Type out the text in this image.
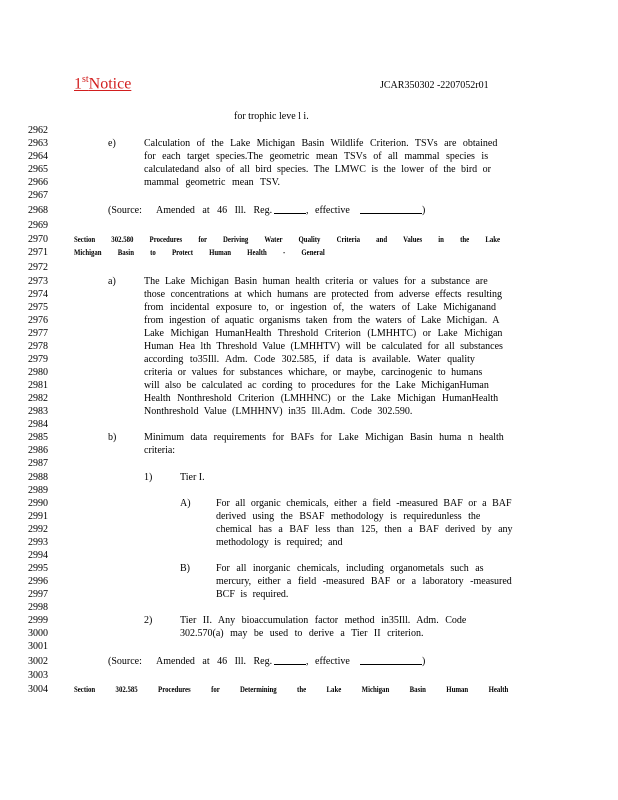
1stNotice	JCAR350302 -2207052r01
for trophic leve l i.
2962
2963	e)	Calculation of the Lake Michigan Basin Wildlife Criterion. TSVs are obtained
2964	for each target species.The geometric mean TSVs of all mammal species is
2965	calculatedand also of all bird species. The LMWC is the lower of the bird or
2966	mammal geometric mean TSV.
2967
2968	(Source: Amended at 46 Ill. Reg.	, effective	)
2969
2970	Section 302.580 Procedures for Deriving Water Quality Criteria and Values in the Lake
2971	Michigan Basin to Protect Human Health - General
2972
2973	a)	The Lake Michigan Basin human health criteria or values for a substance are
2974	those concentrations at which humans are protected from adverse effects resulting
2975	from incidental exposure to, or ingestion of, the waters of Lake Michiganand
2976	from ingestion of aquatic organisms taken from the waters of Lake Michigan. A
2977	Lake Michigan HumanHealth Threshold Criterion (LMHHTC) or Lake Michigan
2978	Human Hea lth Threshold Value (LMHHTV) will be calculated for all substances
2979	according to35Ill. Adm. Code 302.585, if data is available. Water quality
2980	criteria or values for substances whichare, or maybe, carcinogenic to humans
2981	will also be calculated ac cording to procedures for the Lake MichiganHuman
2982	Health Nonthreshold Criterion (LMHHNC) or the Lake Michigan HumanHealth
2983	Nonthreshold Value (LMHHNV) in35 Ill.Adm. Code 302.590.
2984
2985	b)	Minimum data requirements for BAFs for Lake Michigan Basin huma n health
2986	criteria:
2987
2988	1)	Tier I.
2989
2990	A)	For all organic chemicals, either a field -measured BAF or a BAF
2991	derived using the BSAF methodology is requiredunless the
2992	chemical has a BAF less than 125, then a BAF derived by any
2993	methodology is required; and
2994
2995	B)	For all inorganic chemicals, including organometals such as
2996	mercury, either a field -measured BAF or a laboratory -measured
2997	BCF is required.
2998
2999	2)	Tier II. Any bioaccumulation factor method in35Ill. Adm. Code
3000	302.570(a) may be used to derive a Tier II criterion.
3001
3002	(Source: Amended at 46 Ill. Reg.	, effective	)
3003
3004	Section 302.585 Procedures for Determining the Lake Michigan Basin Human Health
